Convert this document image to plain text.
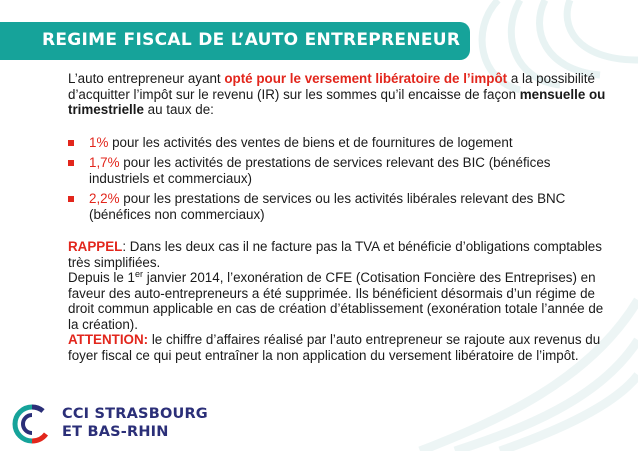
REGIME FISCAL DE L’AUTO ENTREPRENEUR

L’auto entrepreneur ayant opté pour le versement libératoire de l’impôt a la possibilité d’acquitter l’impôt sur le revenu (IR) sur les sommes qu’il encaisse de façon mensuelle ou trimestrielle au taux de:

1% pour les activités des ventes de biens et de fournitures de logement
1,7% pour les activités de prestations de services relevant des BIC (bénéfices industriels et commerciaux)
2,2% pour les prestations de services ou les activités libérales relevant des BNC (bénéfices non commerciaux)

RAPPEL: Dans les deux cas il ne facture pas la TVA et bénéficie d’obligations comptables très simplifiées.

Depuis le 1er janvier 2014, l’exonération de CFE (Cotisation Foncière des Entreprises) en faveur des auto-entrepreneurs a été supprimée. Ils bénéficient désormais d’un régime de droit commun applicable en cas de création d’établissement (exonération totale l’année de la création).

ATTENTION: le chiffre d’affaires réalisé par l’auto entrepreneur se rajoute aux revenus du foyer fiscal ce qui peut entraîner la non application du versement libératoire de l’impôt.

CCI STRASBOURG
ET BAS-RHIN
